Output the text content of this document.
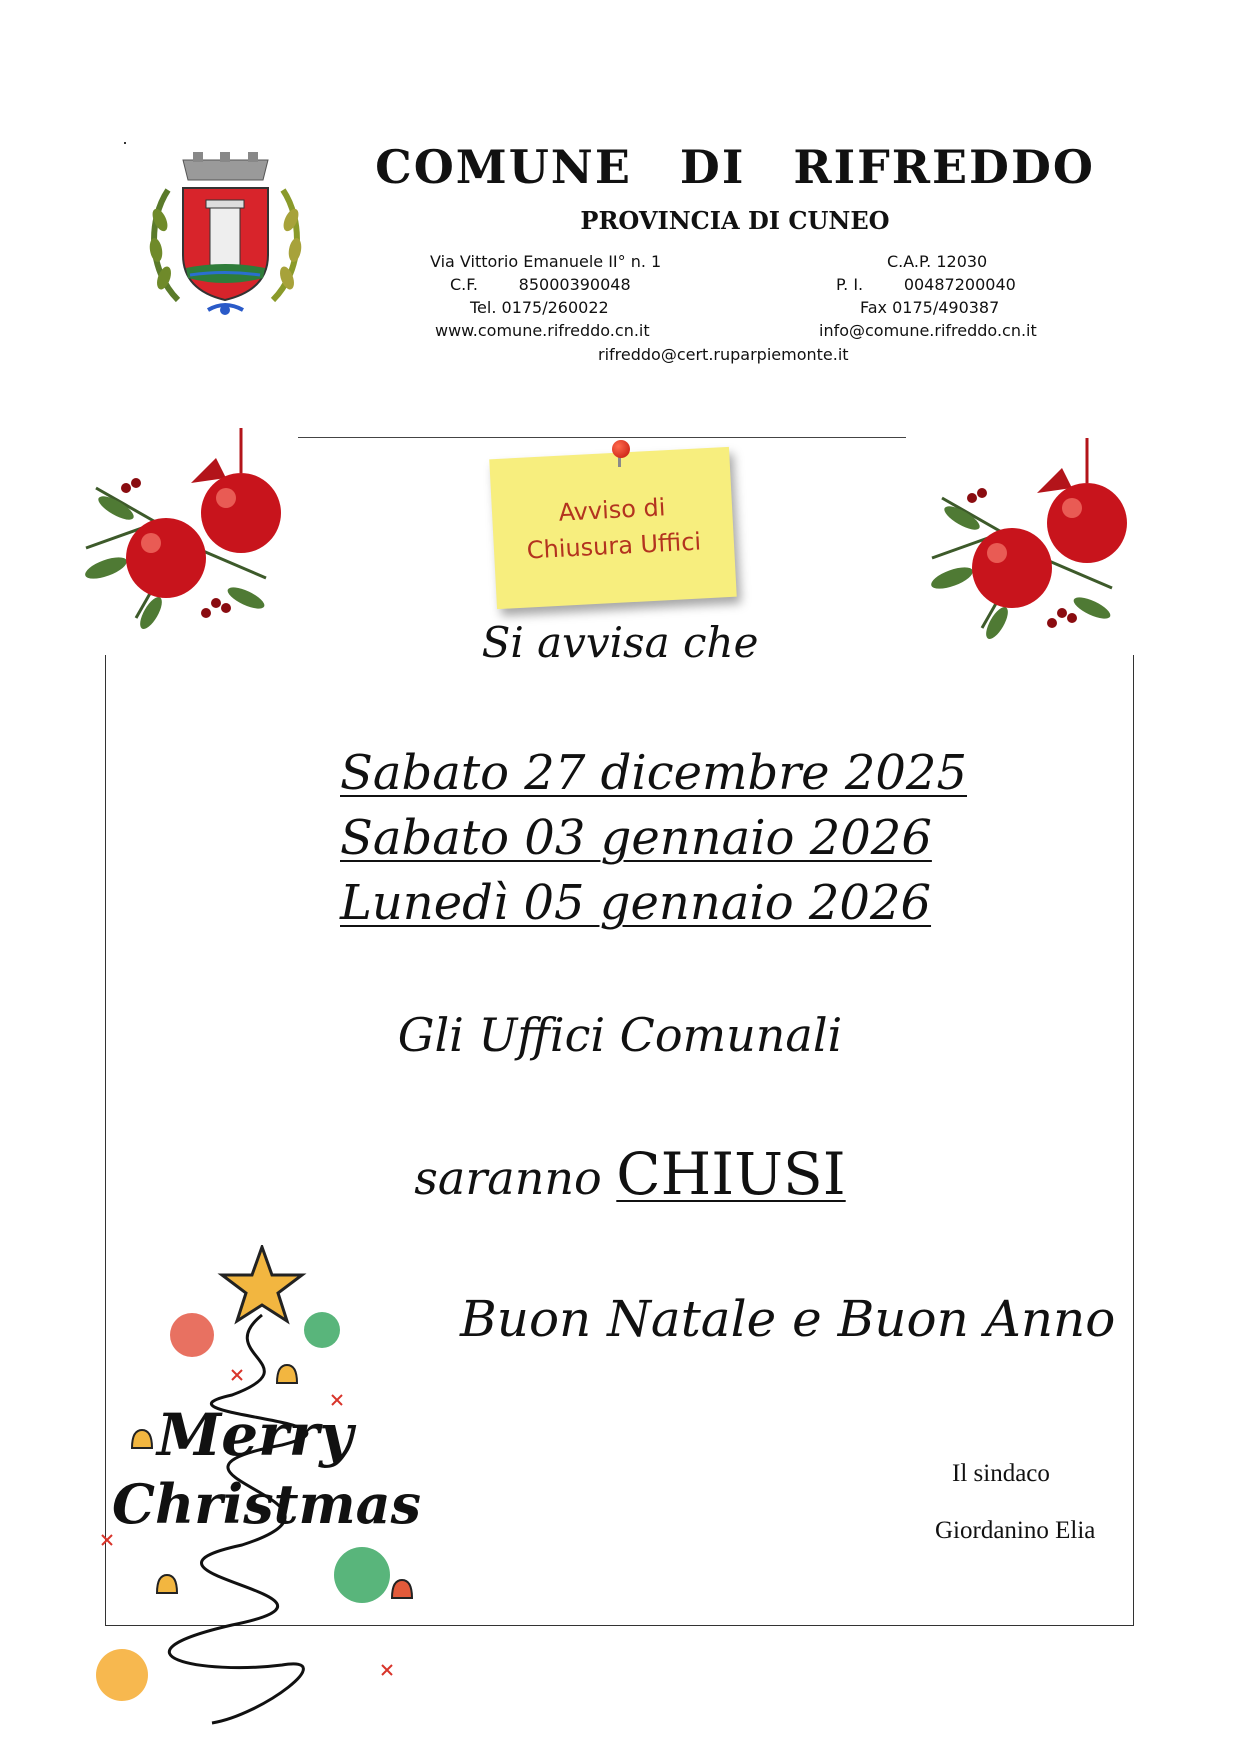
COMUNE DI RIFREDDO
PROVINCIA DI CUNEO
Via Vittorio Emanuele II° n. 1	C.A.P. 12030
C.F.        85000390048	P. I.        00487200040
Tel. 0175/260022	Fax 0175/490387
www.comune.rifreddo.cn.it	info@comune.rifreddo.cn.it
rifreddo@cert.ruparpiemonte.it
Avviso di
Chiusura Uffici
Si avvisa che
Sabato 27 dicembre 2025
Sabato 03 gennaio 2026
Lunedì 05 gennaio 2026
Gli Uffici Comunali
saranno CHIUSI
Buon Natale e Buon Anno
Il sindaco
Giordanino Elia
Merry
Christmas
